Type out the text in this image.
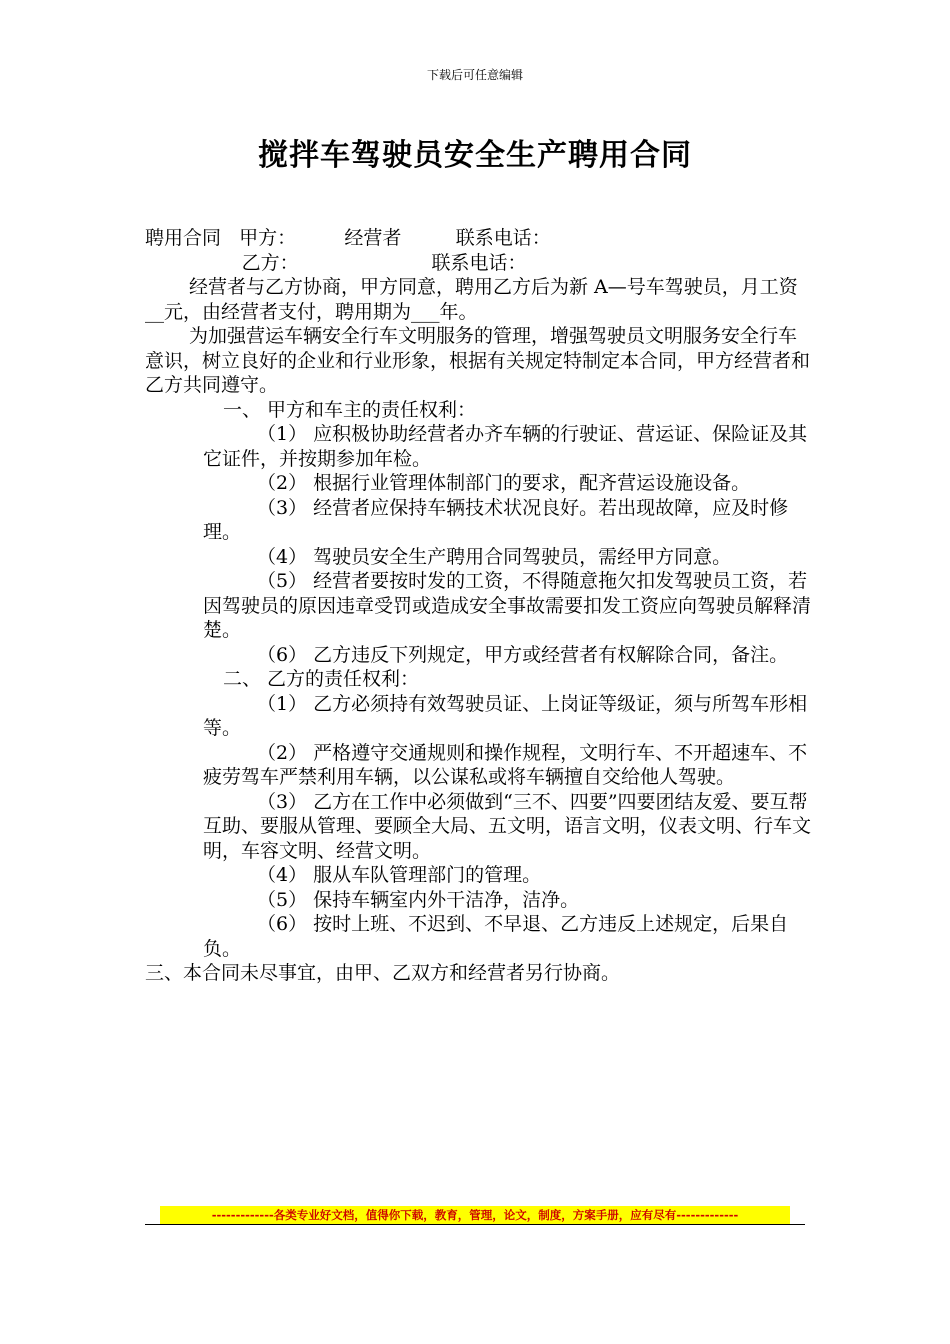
下载后可任意编辑
搅拌车驾驶员安全生产聘用合同
聘用合同   甲方：        经营者         联系电话：
乙方：                      联系电话：
经营者与乙方协商，甲方同意，聘用乙方后为新 A—号车驾驶员，月工资__元，由经营者支付，聘用期为___年。
为加强营运车辆安全行车文明服务的管理，增强驾驶员文明服务安全行车意识，树立良好的企业和行业形象，根据有关规定特制定本合同，甲方经营者和乙方共同遵守。
一、 甲方和车主的责任权利：
（1） 应积极协助经营者办齐车辆的行驶证、营运证、保险证及其它证件，并按期参加年检。
（2） 根据行业管理体制部门的要求，配齐营运设施设备。
（3） 经营者应保持车辆技术状况良好。若出现故障，应及时修理。
（4） 驾驶员安全生产聘用合同驾驶员，需经甲方同意。
（5） 经营者要按时发的工资，不得随意拖欠扣发驾驶员工资，若因驾驶员的原因违章受罚或造成安全事故需要扣发工资应向驾驶员解释清楚。
（6） 乙方违反下列规定，甲方或经营者有权解除合同，备注。
二、 乙方的责任权利：
（1） 乙方必须持有效驾驶员证、上岗证等级证，须与所驾车形相等。
（2） 严格遵守交通规则和操作规程，文明行车、不开超速车、不疲劳驾车严禁利用车辆，以公谋私或将车辆擅自交给他人驾驶。
（3） 乙方在工作中必须做到“三不、四要”四要团结友爱、要互帮互助、要服从管理、要顾全大局、五文明，语言文明，仪表文明、行车文明，车容文明、经营文明。
（4） 服从车队管理部门的管理。
（5） 保持车辆室内外干洁净，洁净。
（6） 按时上班、不迟到、不早退、乙方违反上述规定，后果自负。
三、本合同未尽事宜，由甲、乙双方和经营者另行协商。
-------------各类专业好文档，值得你下载，教育，管理，论文，制度，方案手册，应有尽有-------------
